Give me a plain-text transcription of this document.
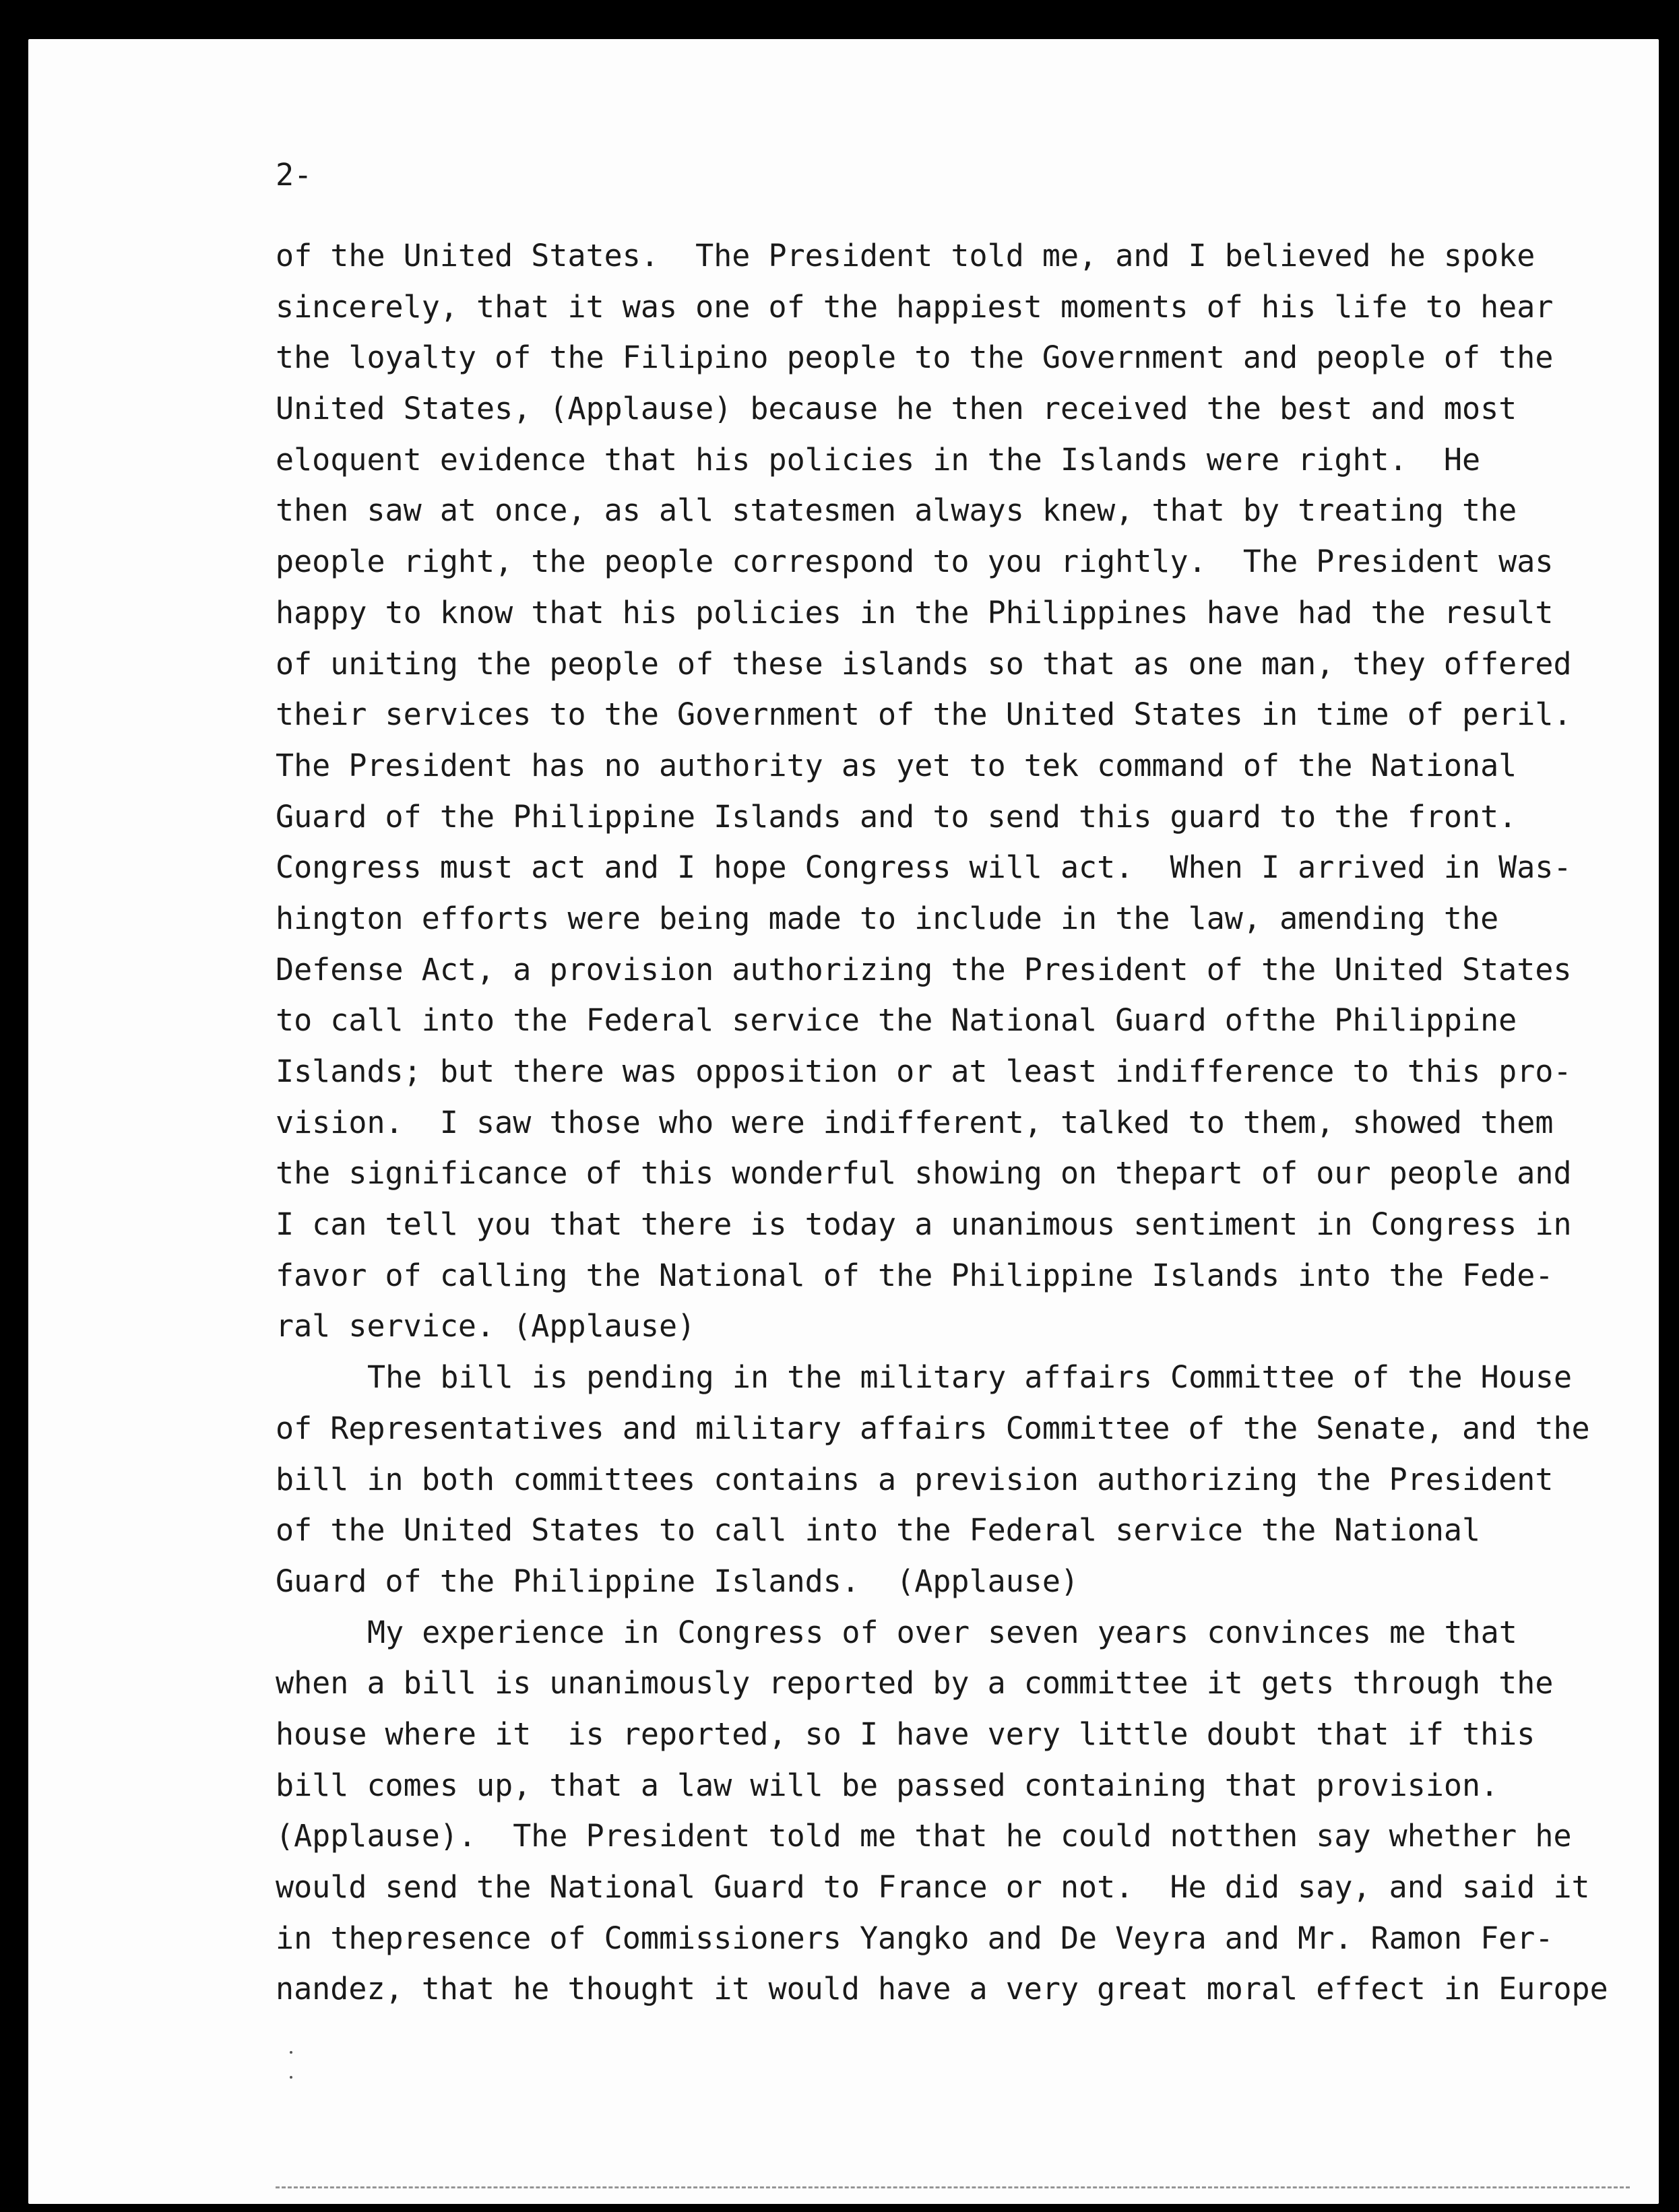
2-
of the United States.  The President told me, and I believed he spoke
sincerely, that it was one of the happiest moments of his life to hear
the loyalty of the Filipino people to the Government and people of the
United States, (Applause) because he then received the best and most
eloquent evidence that his policies in the Islands were right.  He
then saw at once, as all statesmen always knew, that by treating the
people right, the people correspond to you rightly.  The President was
happy to know that his policies in the Philippines have had the result
of uniting the people of these islands so that as one man, they offered
their services to the Government of the United States in time of peril.
The President has no authority as yet to tek command of the National
Guard of the Philippine Islands and to send this guard to the front.
Congress must act and I hope Congress will act.  When I arrived in Was-
hington efforts were being made to include in the law, amending the
Defense Act, a provision authorizing the President of the United States
to call into the Federal service the National Guard ofthe Philippine
Islands; but there was opposition or at least indifference to this pro-
vision.  I saw those who were indifferent, talked to them, showed them
the significance of this wonderful showing on thepart of our people and
I can tell you that there is today a unanimous sentiment in Congress in
favor of calling the National of the Philippine Islands into the Fede-
ral service. (Applause)
The bill is pending in the military affairs Committee of the House
of Representatives and military affairs Committee of the Senate, and the
bill in both committees contains a prevision authorizing the President
of the United States to call into the Federal service the National
Guard of the Philippine Islands.  (Applause)
My experience in Congress of over seven years convinces me that
when a bill is unanimously reported by a committee it gets through the
house where it  is reported, so I have very little doubt that if this
bill comes up, that a law will be passed containing that provision.
(Applause).  The President told me that he could notthen say whether he
would send the National Guard to France or not.  He did say, and said it
in thepresence of Commissioners Yangko and De Veyra and Mr. Ramon Fer-
nandez, that he thought it would have a very great moral effect in Europe
